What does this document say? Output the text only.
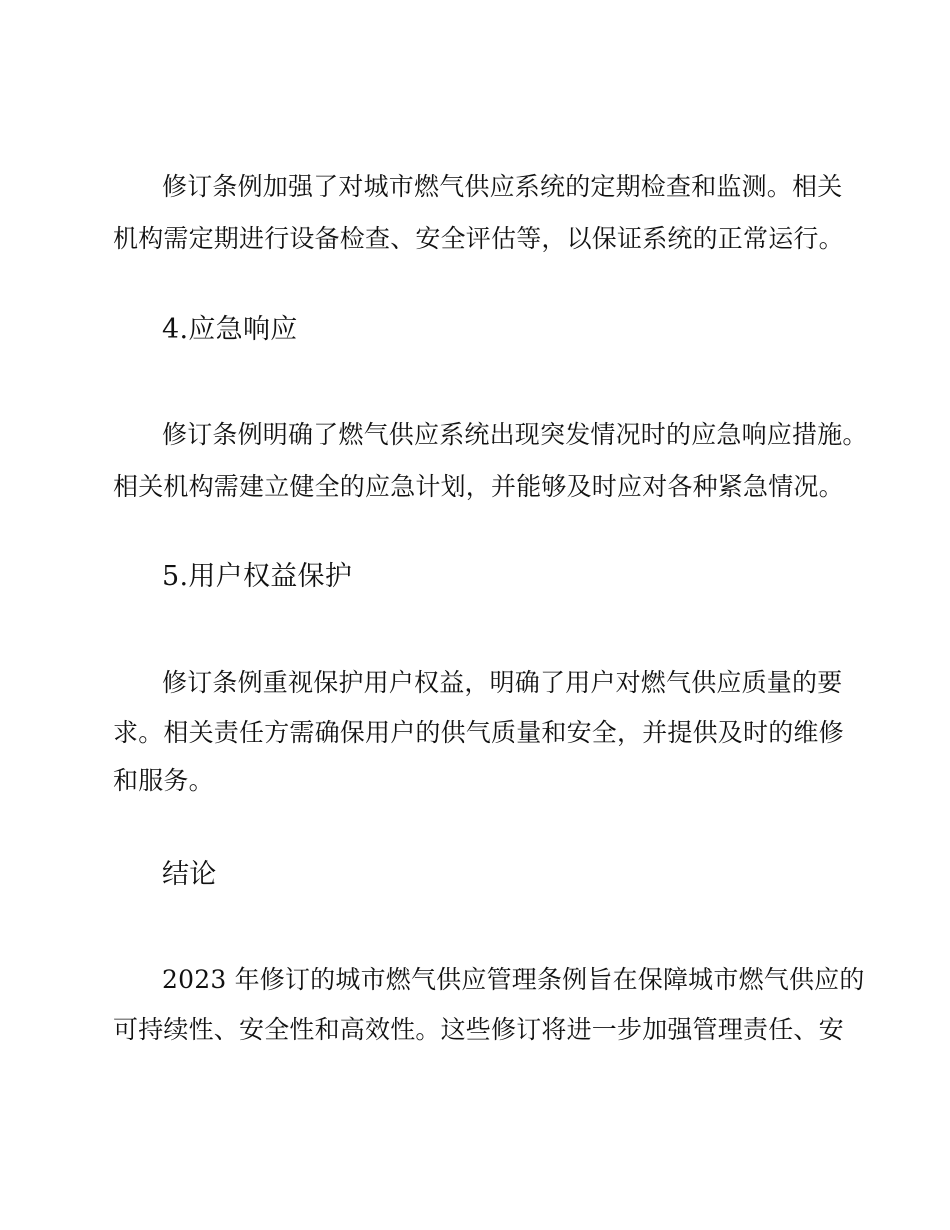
修订条例加强了对城市燃气供应系统的定期检查和监测。相关
机构需定期进行设备检查、安全评估等，以保证系统的正常运行。
4.应急响应
修订条例明确了燃气供应系统出现突发情况时的应急响应措施。
相关机构需建立健全的应急计划，并能够及时应对各种紧急情况。
5.用户权益保护
修订条例重视保护用户权益，明确了用户对燃气供应质量的要
求。相关责任方需确保用户的供气质量和安全，并提供及时的维修
和服务。
结论
2023 年修订的城市燃气供应管理条例旨在保障城市燃气供应的
可持续性、安全性和高效性。这些修订将进一步加强管理责任、安
